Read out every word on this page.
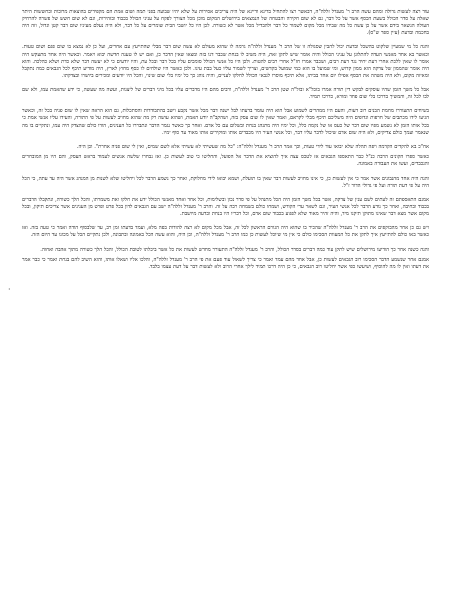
עוד רצה לעשות גדולה ומהם עשה הרב ר' מענדל זללה"ה, דבאשר רצו להתחיל בדינא ודיינא של היה צריכים אסירות על שלא יהיו שבועה בפני תמה ושום אמת הם מקפידים בהוצאות מרובות ובחששות היתר שאלה על סדר הכולל בשעת הכסף אשר על כל דבר, גם לא שום חקירה והבטחה של הנמצאים בירושלים המקום מוכן מכל הצורך לפקח על עניני הכולל בכבוד ובזהירות, וגם לא שום חשש של פשרה להרחיק העולה הנשאר בידם אשר על כן עשה כל מה שבידו מכל מקום לשמור כל דבר ולהבדיל מכל אשר לא כשורה. לכן היו כל יושבי הבית שומרים על כל דבר, ולא היה נעלם מעיניו שום דבר קטן וגדול, וזה היה בחכמה ובדעת (עיין ספר ש"ס).

והנה כל מי שמעיין שלקוט בהשכל ובדעת יכול להבין שסגולה זו של הרב ר' מענדל זללה"ה גרמה לו שהוא מעולם לא עשה שום דבר מבלי שהתייעץ עם אחרים, ועל כן לא נמצא בו שום פגם ושום טעות. וכאשר בא אחד מאנשי העדה להתלונן על עניני הכולל והיה אומר שיש לתקן זאת, היה משיב לו בנחת שכבר דנו בזה ומצאו שאין הדבר כן, ואם יש לו טענה חדשה יבוא ויאמר. וכאשר היה אחד מתעקש היה אומר לו שאין ללכת אחרי דעת יחיד נגד דעת רבים, ושכבר אמרו חז"ל אחרי רבים להטות. ולכן היו כל אנשי הכולל סומכים עליו בכל דבר ובכל עת, והיו יודעים כי לא יעשה דבר שלא כדת ושלא כהלכה. והוא היה אומר שהממון של צדקה הוא ממון קדוש, ומי שמועל בו הוא כמי שמועל בקדשים, וצריך לשמור עליו כעל בבת עינו. ולכן כאשר היו שולחים לו כסף מחוץ לארץ, היה מודיע תיכף לכל הגבאים כמה נתקבל ומאיזה מקום, ולא היה משהה את הכסף אפילו יום אחד בביתו, אלא תיכף מוסרו לגבאי הכולל לחלקו לעניים, והיה נוהג כך כל ימיו בלי שום שינוי, והכל היו יודעים ומכירים ביושרו ובצדקתו.

אבל כל משך הזמן שהיו עוסקים לבקש דין תורה אמרו בזכל"א ובזל"ה שטן הרב ר' מענדל זללה"ה, ורבים מהם היו מדברים עליו בכל מיני דברים של ליצנות, ועשה מה שעשה, כי ידע שהאמת עמו, ולא שם לבו לכל זה, והמשיך בדרכו בלי שום פחד ומורא, כדרכו תמיד.

בשיחים התעוררו מחמת הבנים רוב דעות, והעם היו ממהרים לשמוע אבל הוא היה עומד בדעתו לבל ישנה דבר מכל אשר נקבע וישב בהתבודדות והסתכלות, גם הוא הראה שאין לו שום פניה בכל זה, וכאשר הגיעו לידו מכתבים של חרפות וגדופים היה משליכם תיכף מבלי לקראם, ואמר שאין לו שום עסק בזה, ושהקב"ה יודע האמת, ושהוא עושה רק מה שהוא מחויב לעשות על פי התורה, והעידו עליו אנשי אמת כי בכל אותו הזמן לא נשמע מפיו שום דבר של כעס או של נקמה כלל, וכל ימיו היה מתנהג בנחת ובשלום עם כל אדם. ואחר כך כאשר נגמר הדבר ונתבררו כל הענינים, הודו כולם שהצדק היה עמו, ונתקיים בו מה שנאמר ועמך כולם צדיקים, ולא היה שום אדם שיכול לדבר עליו דבר, וכל אנשי העיר היו מכבדים אותו ומוקירים אותו מאוד עד סוף ימיו.

אח"כ בא להקדים הקדמה ויפה תהלה שלא יבואו עוד לידי טעות, וכך אמר הרב ר' מענדל זללה"ה: "כל מה שעשיתי לא עשיתי אלא לשם שמים, ואין לי שום פניה אחרת". וכן היה.

כאשר ספרו הקונים הרבה כנ"ל כבר התאספו הגבאים אז לטכס עצה איך להוציא את הדבר אל הפועל, והחליטו כי טוב לעשות כן. ואז נבחרו שלשה אנשים לעמוד בראש העסק, והם היו מן המובחרים והנכבדים, ועשו את העבודה באמונה.

והנה היה אחד מהנבונים אשר אמר כי אין לעשות כן, כי אינו מחויב לעשות דבר שאין בו תועלת, ושמא יבואו לידי מחלוקת, ואחר כך נשמע הדבר לכל ויחליטו שלא לשנות מן המנהג אשר היה עד עתה, כי הכל היה על פי דעת תורה ועל פי גדולי הדור ז"ל.

אמנם התאספתם זה לעתים לשם ענין של צדקה, אשר בכל משך הזמן היה הכל מתנהל על פי סדר נכון ובשלימות, וכל אחד ואחד מאנשי הכולל ידע את חלקו ואת משמרתו, והכל הלך כשורה, ונתקבלו הדברים בכבוד ובחיבה, ואחר כך נודע הדבר לכל אנשי העיר, וגם לשאר ערי הקודש, ושמחו כולם בשמחה רבה על זה. והרב ר' מענדל זללה"ה ישב עם הגבאים לדון בכל פרט ופרט מן הענינים אשר צריכים תיקון, ובכל מקום אשר מצא דבר שאינו מתוקן תיקנו מיד, והיה זהיר מאוד שלא לפגוע בכבוד שום אדם, וכל דבריו היו בנחת ובדעה מיושבת.

ויש גם כן אחר מהבזקפים את הרב ר' מענדל זללה"ה שהכיר בו שהוא היה הגורם הראשון לכל זה, אבל מכל מקום לא רצה להודות בפה מלא, ועמד בדעתו זמן רב, עד שלבסוף הודה ואמר כי טעה בזה. ואז כאשר באו כולם להתייעץ איך לתקן את כל המעוות הסכימו כולם כי אין מי שיוכל לעשות כן כמו הרב ר' מענדל זללה"ה, וכן היה, והוא עשה הכל באמונה ובתבונה, ולכן נתקיים הכל על מכונו עד היום הזה.

והנה כשנה אחר כך הודיעו מירושלים שיש לתקן עוד כמה דברים בסדר הכולל, והרב ר' מענדל זללה"ה התעורר מחדש לעשות את כל אשר ביכלתו לטובת הכולל, והכל הלך כשורה מתוך אהבה ואחוה.

אמנם אחר שנשמע הדבר הסכימו רוב הגבאים לעשות כן, אבל אחד מהם עמד ואמר כי צריך לשאול עוד פעם את פי הרב ר' מענדל זללה"ה, והלכו אליו ושאלו אותו, והוא השיב להם בנחת ואמר כי כבר אמר את דעתו ואין לו מה להוסיף, ושיעשו כפי אשר יחליטו רוב הגבאים, כי כן היה דרכו תמיד לילך אחרי הרוב ולא לעשות דבר על דעת עצמו בלבד.

·
